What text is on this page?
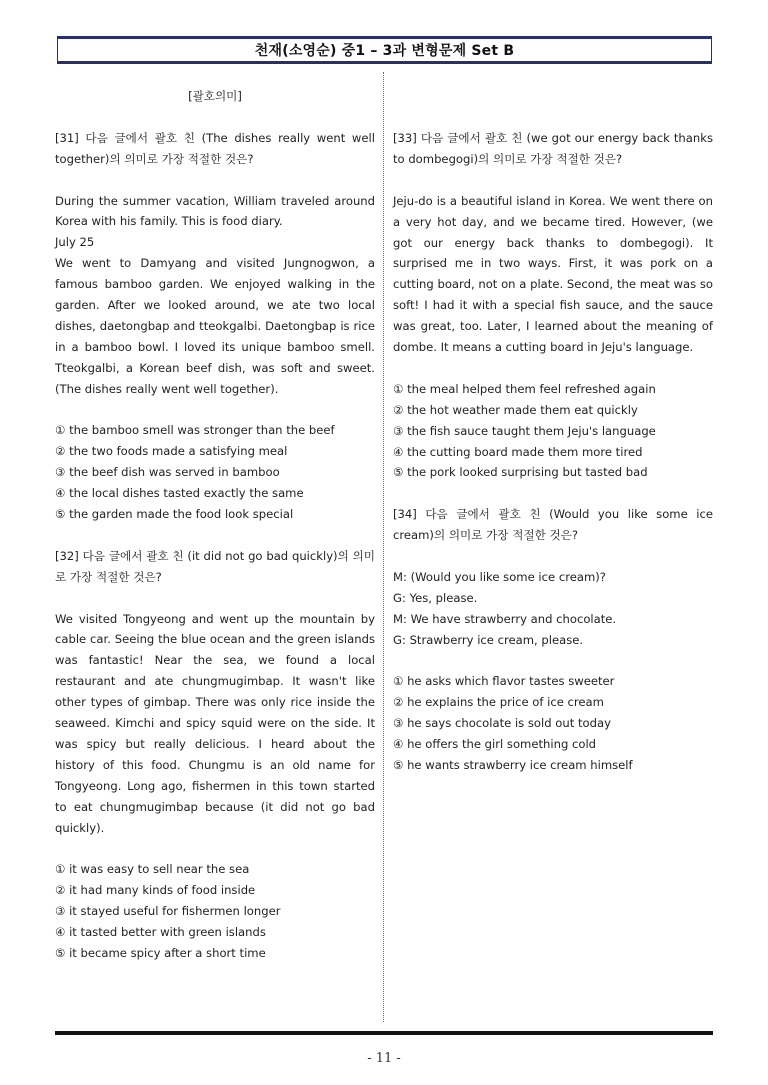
천재(소영순) 중1 – 3과 변형문제 Set B

[괄호의미]

[31] 다음 글에서 괄호 친 (The dishes really went well together)의 의미로 가장 적절한 것은?

During the summer vacation, William traveled around Korea with his family. This is food diary.

July 25

We went to Damyang and visited Jungnogwon, a famous bamboo garden. We enjoyed walking in the garden. After we looked around, we ate two local dishes, daetongbap and tteokgalbi. Daetongbap is rice in a bamboo bowl. I loved its unique bamboo smell. Tteokgalbi, a Korean beef dish, was soft and sweet. (The dishes really went well together).

① the bamboo smell was stronger than the beef

② the two foods made a satisfying meal

③ the beef dish was served in bamboo

④ the local dishes tasted exactly the same

⑤ the garden made the food look special

[32] 다음 글에서 괄호 친 (it did not go bad quickly)의 의미로 가장 적절한 것은?

We visited Tongyeong and went up the mountain by cable car. Seeing the blue ocean and the green islands was fantastic! Near the sea, we found a local restaurant and ate chungmugimbap. It wasn't like other types of gimbap. There was only rice inside the seaweed. Kimchi and spicy squid were on the side. It was spicy but really delicious. I heard about the history of this food. Chungmu is an old name for Tongyeong. Long ago, fishermen in this town started to eat chungmugimbap because (it did not go bad quickly).

① it was easy to sell near the sea

② it had many kinds of food inside

③ it stayed useful for fishermen longer

④ it tasted better with green islands

⑤ it became spicy after a short time

[33] 다음 글에서 괄호 친 (we got our energy back thanks to dombegogi)의 의미로 가장 적절한 것은?

Jeju-do is a beautiful island in Korea. We went there on a very hot day, and we became tired. However, (we got our energy back thanks to dombegogi). It surprised me in two ways. First, it was pork on a cutting board, not on a plate. Second, the meat was so soft! I had it with a special fish sauce, and the sauce was great, too. Later, I learned about the meaning of dombe. It means a cutting board in Jeju's language.

① the meal helped them feel refreshed again

② the hot weather made them eat quickly

③ the fish sauce taught them Jeju's language

④ the cutting board made them more tired

⑤ the pork looked surprising but tasted bad

[34] 다음 글에서 괄호 친 (Would you like some ice cream)의 의미로 가장 적절한 것은?

M: (Would you like some ice cream)?

G: Yes, please.

M: We have strawberry and chocolate.

G: Strawberry ice cream, please.

① he asks which flavor tastes sweeter

② he explains the price of ice cream

③ he says chocolate is sold out today

④ he offers the girl something cold

⑤ he wants strawberry ice cream himself

- 11 -
